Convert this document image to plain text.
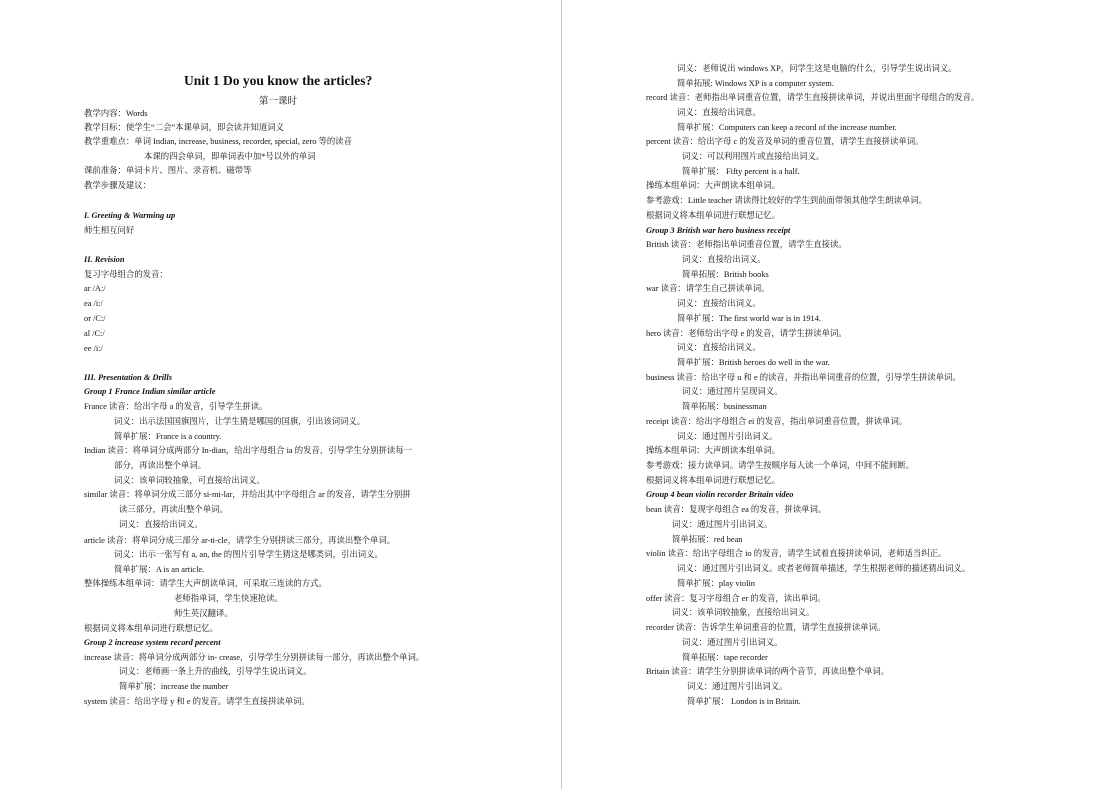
Unit 1 Do you know the articles?
第一课时
教学内容：Words
教学目标：使学生“二会”本课单词，即会读并知道词义
教学重难点：单词 Indian, increase, business, recorder, special, zero 等的读音
本课的四会单词，即单词表中加*号以外的单词
课前准备：单词卡片、图片、录音机、磁带等
教学步骤及建议：
I. Greeting & Warming up
师生相互问好
II. Revision
复习字母组合的发音：
ar /A:/
ea /i:/
or /C:/
al /C:/
ee /i:/
III. Presentation & Drills
Group 1 France Indian similar article
France 读音：给出字母 a 的发音，引导学生拼读。
词义：出示法国国旗图片，让学生猜是哪国的国旗，引出该词词义。
简单扩展：France is a country.
Indian 读音：将单词分成两部分 In-dian，给出字母组合 ia 的发音，引导学生分别拼读每一
部分，再读出整个单词。
词义：该单词较抽象，可直接给出词义。
similar 读音：将单词分成三部分 si-mi-lar，并给出其中字母组合 ar 的发音，请学生分别拼
读三部分，再读出整个单词。
词义：直接给出词义。
article 读音：将单词分成三部分 ar-ti-cle，请学生分别拼读三部分，再读出整个单词。
词义：出示一张写有 a, an, the 的图片引导学生猜这是哪类词，引出词义。
简单扩展：A is an article.
整体操练本组单词：请学生大声朗读单词，可采取三连读的方式。
老师指单词，学生快速抢读。
师生英汉翻译。
根据词义将本组单词进行联想记忆。
Group 2 increase system record percent
increase 读音：将单词分成两部分 in- crease，引导学生分别拼读每一部分，再读出整个单词。
词义：老师画一条上升的曲线，引导学生说出词义。
简单扩展：increase the number
system 读音：给出字母 y 和 e 的发音。请学生直接拼读单词。
词义：老师说出 windows XP，问学生这是电脑的什么，引导学生说出词义。
简单拓展: Windows XP is a computer system.
record 读音：老师指出单词重音位置，请学生直接拼读单词，并说出里面字母组合的发音。
词义：直接给出词意。
简单扩展：Computers can keep a record of the increase number.
percent 读音：给出字母 c 的发音及单词的重音位置，请学生直接拼读单词。
词义：可以利用图片或直接给出词义。
简单扩展： Fifty percent is a half.
操练本组单词：大声朗读本组单词。
参考游戏：Little teacher 请读得比较好的学生到前面带领其他学生朗读单词。
根据词义将本组单词进行联想记忆。
Group 3 British war hero business receipt
British 读音：老师指出单词重音位置，请学生直接读。
词义：直接给出词义。
简单拓展：British books
war 读音：请学生自己拼读单词。
词义：直接给出词义。
简单扩展：The first world war is in 1914.
hero 读音：老师给出字母 e 的发音，请学生拼读单词。
词义：直接给出词义。
简单扩展：British heroes do well in the war.
business 读音：给出字母 u 和 e 的读音，并指出单词重音的位置，引导学生拼读单词。
词义：通过图片呈现词义。
简单拓展：businessman
receipt 读音：给出字母组合 ei 的发音，指出单词重音位置，拼读单词。
词义：通过图片引出词义。
操练本组单词：大声朗读本组单词。
参考游戏：接力读单词。请学生按顺序每人读一个单词，中间不能间断。
根据词义将本组单词进行联想记忆。
Group 4 bean violin recorder Britain video
bean 读音：复现字母组合 ea 的发音，拼读单词。
词义：通过图片引出词义。
简单拓展：red bean
violin 读音：给出字母组合 io 的发音，请学生试着直接拼读单词，老师适当纠正。
词义：通过图片引出词义。或者老师简单描述，学生根据老师的描述猜出词义。
简单扩展：play violin
offer 读音：复习字母组合 er 的发音，读出单词。
词义：该单词较抽象，直接给出词义。
recorder 读音：告诉学生单词重音的位置，请学生直接拼读单词。
词义：通过图片引出词义。
简单拓展：tape recorder
Britain 读音：请学生分别拼读单词的两个音节，再读出整个单词。
词义：通过图片引出词义。
简单扩展： London is in Britain.
